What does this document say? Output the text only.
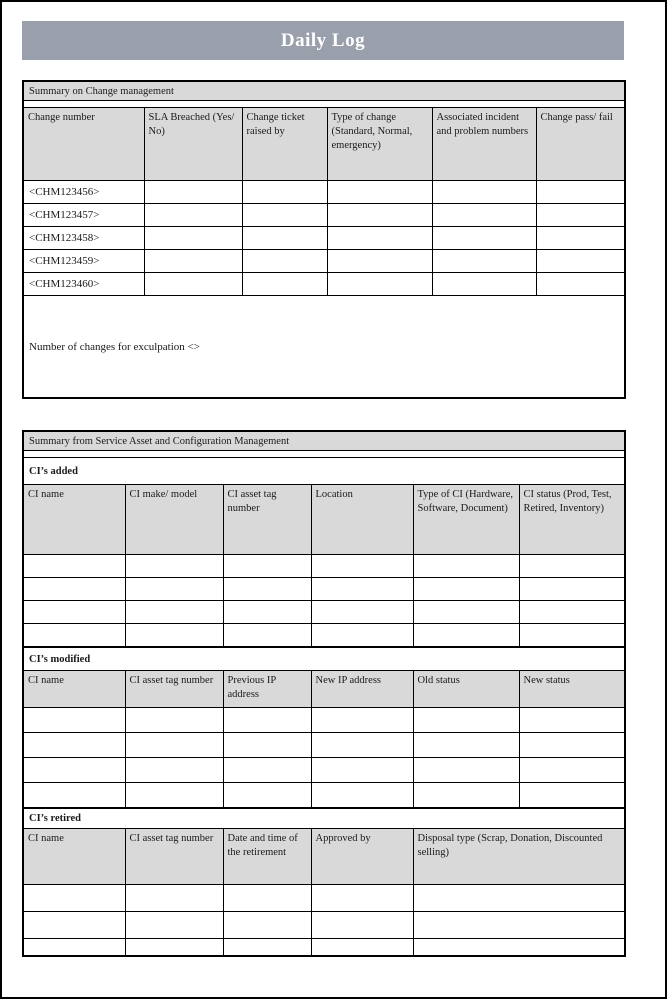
Daily Log
Summary on Change management					

Change number	SLA Breached (Yes/ No)	Change ticket raised by	Type of change (Standard, Normal, emergency)	Associated incident and problem numbers	Change pass/ fail
<CHM123456>					
<CHM123457>					
<CHM123458>					
<CHM123459>					
<CHM123460>					
Number of changes for exculpation <>					
Summary from Service Asset and Configuration Management					

CI’s added					
CI name	CI make/ model	CI asset tag number	Location	Type of CI (Hardware, Software, Document)	CI status (Prod, Test, Retired, Inventory)

CI’s modified					
CI name	CI asset tag number	Previous IP address	New IP address	Old status	New status

CI’s retired				
CI name	CI asset tag number	Date and time of the retirement	Approved by	Disposal type (Scrap, Donation, Discounted selling)
